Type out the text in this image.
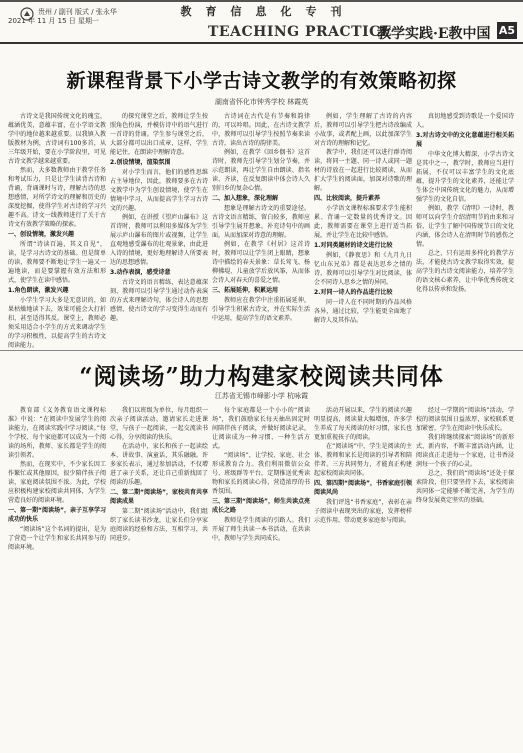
贵州 / 副刊 版式 / 张永华
2021 年 11 月 15 日 星期一
教育信息化专刊
TEACHING PRACTICE
教学实践·E教中国 A5
新课程背景下小学古诗文教学的有效策略初探
湖南省怀化市钟秀学校 林霞英
古诗文是我国传统文化的瑰宝，蕴涵优美，意蕴丰富，在小学语文教学中的地位越来越重要。以我镇入教版教材为例，古诗词有100多首，从三年级开始，要在小学阶段里，可见古诗文教学越来越重要。
然而，大多数教师由于教学任务和考试压力，只是让学生读背古诗和背诵，背诵课时与诗，理解古诗的思想感情，对所学诗文的理解和历史的深度挖掘，使得学生对古诗的学习兴趣不高。诗文一线教师进行了关于古诗文有效教学策略的探索。
一、创设情境，激发兴趣
所谓“诗读百遍，其义自见”，读，是学习古诗文的基础。但是简单的读，教师要不断地让学生一遍又一遍地读，而是要掌握有效方法和形式，使学生在读中感悟。
1.角色朗读，激发兴趣
小学生学习大多是无意识的，如果枯燥地读下去，效果可能会大打折扣，甚至适得其反。课堂上，教师必须采用适合小学生的方式来调动学生的学习积极性，以提高学生的古诗文阅读能力。
的探究课堂之后，教师让学生按照角色扮演，并模仿诗中的语气进行一首诗的背诵。学生参与课堂之后，大部分都可以出口成章，这样，学生能记住，在朗读中理解诗意。
2.创设情境，渲染氛围
对小学生而言，他们的感性思维占主导地位，因此，教师要多在古诗文教学中为学生创设情境，使学生在情境中学习，从而提高学生学习古诗文的兴趣。
例如，在讲授《望庐山瀑布》这首诗时，教师可以利用多媒体为学生展示庐山瀑布的图片或视频，让学生直观地感受瀑布的壮观景象，由此进入诗的情境，更好地理解诗人所要表达的思想感情。
3.动作表演，感受诗意
古诗文的语言精练，表达意蕴深刻，教师可以引导学生通过动作表演的方式来理解诗句，体会诗人的思想感情，使古诗文的学习变得生动而有趣。
古诗词在古代是有节奏和韵律的，可以吟唱。因此，在古诗文教学中，教师可以引导学生按照节奏来读古诗，读出古诗的韵律美。
例如，在教学《回乡偶书》这首诗时，教师先引导学生划分节奏，并示范朗读，再让学生自由朗读、指名读、齐读，在反复朗读中体会诗人久别归乡的复杂心情。
二、加入想象，深化理解
想象是理解古诗文的重要途径。古诗文语言精练，留白较多，教师应引导学生展开想象，补充诗句中的画面，从而加深对诗意的理解。
例如，在教学《村居》这首诗时，教师可以让学生闭上眼睛，想象诗中描绘的春天景象：草长莺飞、杨柳拂堤、儿童放学后放风筝，从而体会诗人对春天的喜爱之情。
三、拓展延伸，积累运用
教师应在教学中注重拓展延伸，引导学生积累古诗文，并在实际生活中运用，提高学生的语文素养。
例如，学生理解了古诗的内容后，教师可以引导学生把古诗改编成小故事，或者配上画，以此加深学生对古诗的理解和记忆。
教学中，我们还可以进行群诗阅读，将同一主题、同一诗人或同一题材的诗放在一起进行比较阅读，从而扩大学生的阅读面，加深对诗歌的理解。
四、比较阅读，提升素养
小学语文课程标准要求学生能积累、背诵一定数量的优秀诗文。因此，教师需要在课堂上进行适当拓展，并让学生在比较中感悟。
1.对同类题材的诗文进行比较
例如，《静夜思》和《九月九日忆山东兄弟》都是表达思乡之情的诗，教师可以引导学生对比阅读，体会不同诗人思乡之情的异同。
2.对同一诗人的作品进行比较
同一诗人在不同时期的作品风格各异，通过比较，学生能更全面地了解诗人及其作品。
真切地感受到诗歌是一个爱国诗人。
3.对古诗文中的文化意蕴进行相关拓展
中华文化博大精深，小学古诗文是其中之一，教学时，教师应当进行拓展，不仅可以丰富学生的文化底蕴，提升学生的文化素养，还能让学生体会中国传统文化的魅力，从而增强学生的文化自信。
例如，教学《清明》一诗时，教师可以向学生介绍清明节的由来和习俗，让学生了解中国传统节日的文化内涵，体会诗人在清明时节的感伤之情。
总之，只有运用多样化的教学方法，才能使古诗文教学取得实效，提高学生的古诗文阅读能力，培养学生的语文核心素养，让中华优秀传统文化得以传承和发扬。
“阅读场”助力构建家校阅读共同体
江苏省无锡市峰影小学 杭咏霞
教育部《义务教育语文课程标准》中说：“在阅读中发展学生的阅读能力，在阅读实践中学习阅读。”每个学校、每个家庭都可以成为一个阅读的场所，教师、家长都是学生的阅读引领者。
然而，在现实中，不少家长因工作繁忙或其他原因，很少陪伴孩子阅读，家庭阅读氛围不浓。为此，学校应积极构建家校阅读共同体，为学生营造良好的阅读环境。
一、第一期“阅读场”，亲子互享学习成功的快乐
“阅读场”这个名词的提出，是为了营造一个让学生和家长共同参与的阅读环境。
我们以班级为单位，每月组织一次亲子阅读活动，邀请家长走进课堂，与孩子一起阅读，一起交流读书心得，分享阅读的快乐。
在活动中，家长和孩子一起读绘本、讲故事、演童话，其乐融融。许多家长表示，通过参加活动，不仅增进了亲子关系，还让自己重新找回了阅读的乐趣。
二、第二期“阅读场”，家校共育共享阅读成果
第二期“阅读场”活动中，我们组织了家长读书沙龙，让家长们分享家庭阅读的经验和方法，互相学习，共同进步。
每个家庭都是一个小小的“阅读场”，我们鼓励家长每天抽出固定时间陪伴孩子阅读，并做好阅读记录，让阅读成为一种习惯、一种生活方式。
“阅读场”，让学校、家庭、社会形成教育合力。我们利用微信公众号、班级群等平台，定期推送优秀读物和家长的阅读心得，营造浓厚的书香氛围。
三、第三期“阅读场”，师生共读点亮成长之路
教师是学生阅读的引路人。我们开展了师生共读一本书活动，在共读中，教师与学生共同成长。
活动开展以来，学生的阅读兴趣明显提高，阅读量大幅增加，许多学生养成了每天阅读的好习惯，家长也更加重视孩子的阅读。
在“阅读场”中，学生是阅读的主体，教师和家长是阅读的引导者和陪伴者。三方共同努力，才能真正构建起家校阅读共同体。
四、第四期“阅读场”，书香家庭引领阅读风尚
我们评选“书香家庭”，表彰在亲子阅读中表现突出的家庭，发挥榜样示范作用，带动更多家庭参与阅读。
经过一学期的“阅读场”活动，学校的阅读氛围日益浓厚，家校联系更加紧密，学生在阅读中快乐成长。
我们将继续探索“阅读场”的新形式、新内容，不断丰富活动内涵，让阅读真正走进每一个家庭，让书香浸润每一个孩子的心灵。
总之，我们的“阅读场”还处于探索阶段，但只要坚持下去，家校阅读共同体一定能够不断完善，为学生的终身发展奠定坚实的基础。
